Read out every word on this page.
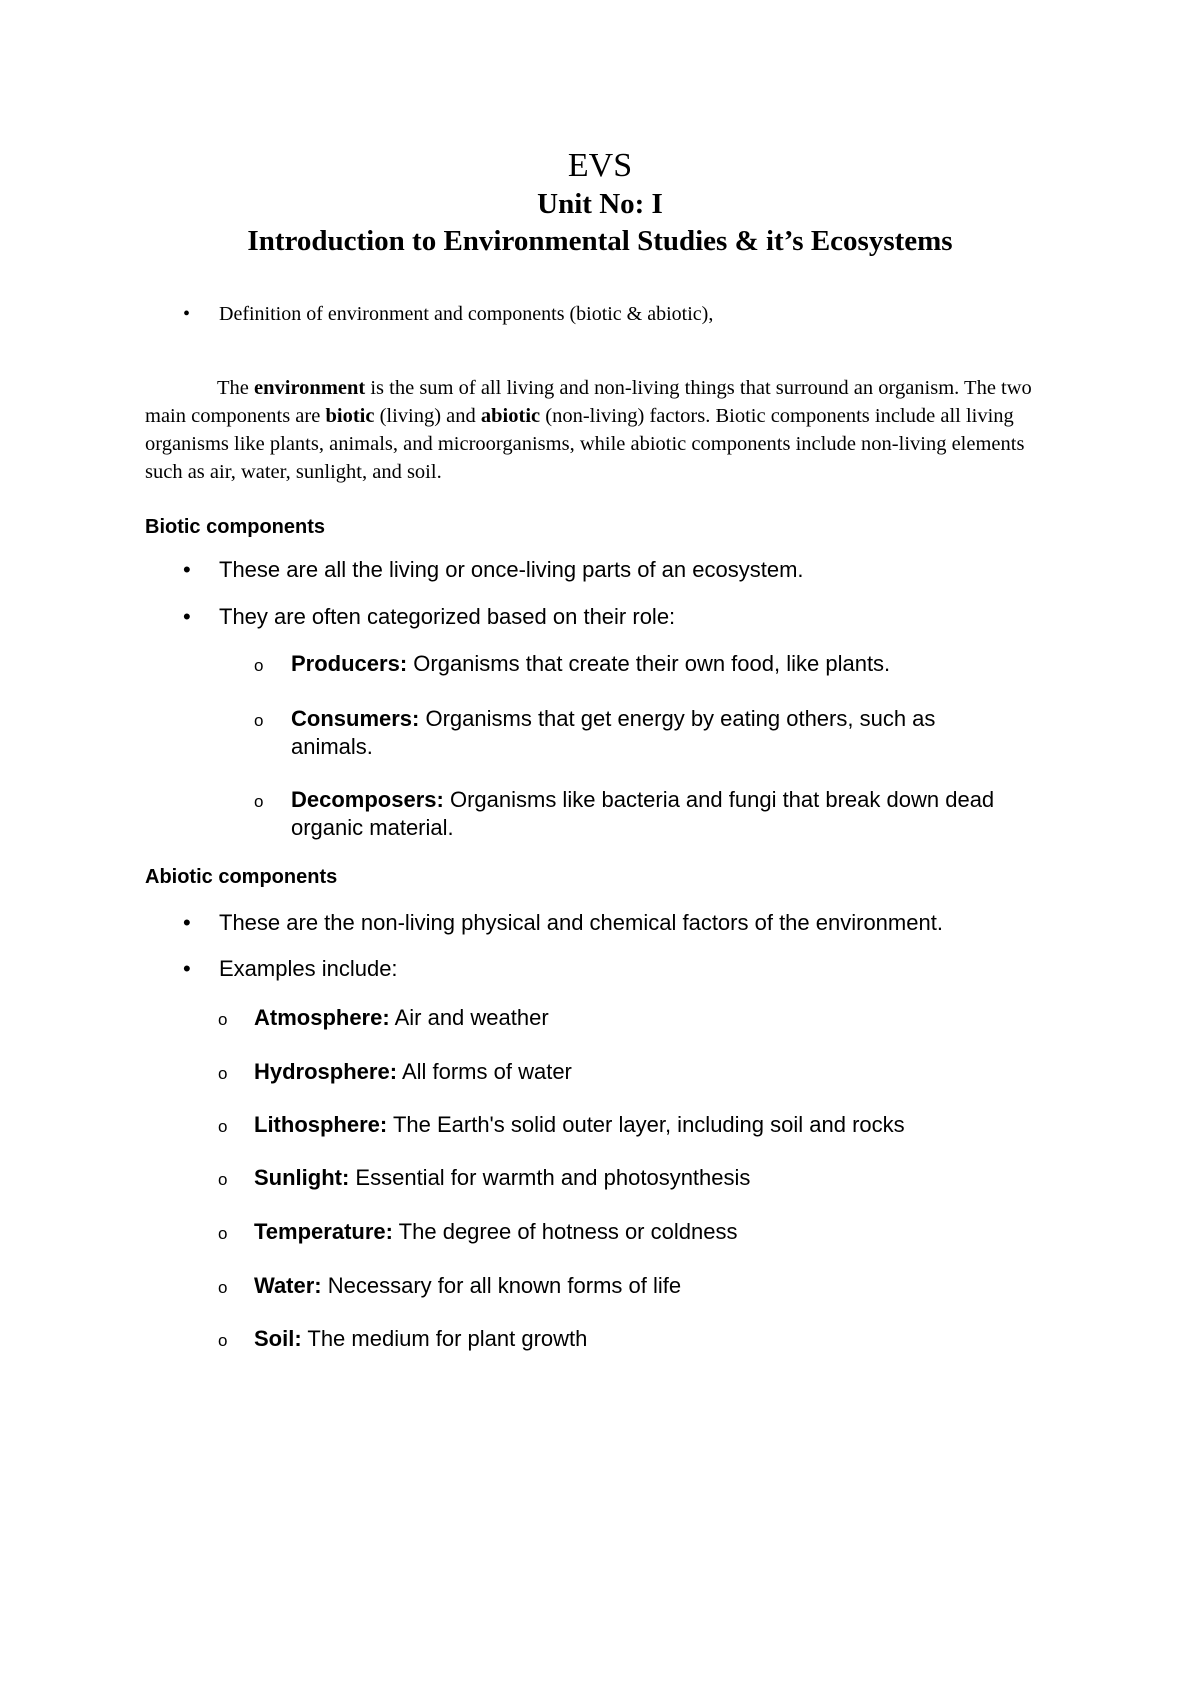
EVS
Unit No: I
Introduction to Environmental Studies & it’s Ecosystems
• Definition of environment and components (biotic & abiotic),
The environment is the sum of all living and non-living things that surround an organism. The two main components are biotic (living) and abiotic (non-living) factors. Biotic components include all living organisms like plants, animals, and microorganisms, while abiotic components include non-living elements such as air, water, sunlight, and soil.
Biotic components
• These are all the living or once-living parts of an ecosystem.
• They are often categorized based on their role:
o Producers: Organisms that create their own food, like plants.
o Consumers: Organisms that get energy by eating others, such as
animals.
o Decomposers: Organisms like bacteria and fungi that break down dead
organic material.
Abiotic components
• These are the non-living physical and chemical factors of the environment.
• Examples include:
o Atmosphere: Air and weather
o Hydrosphere: All forms of water
o Lithosphere: The Earth's solid outer layer, including soil and rocks
o Sunlight: Essential for warmth and photosynthesis
o Temperature: The degree of hotness or coldness
o Water: Necessary for all known forms of life
o Soil: The medium for plant growth
